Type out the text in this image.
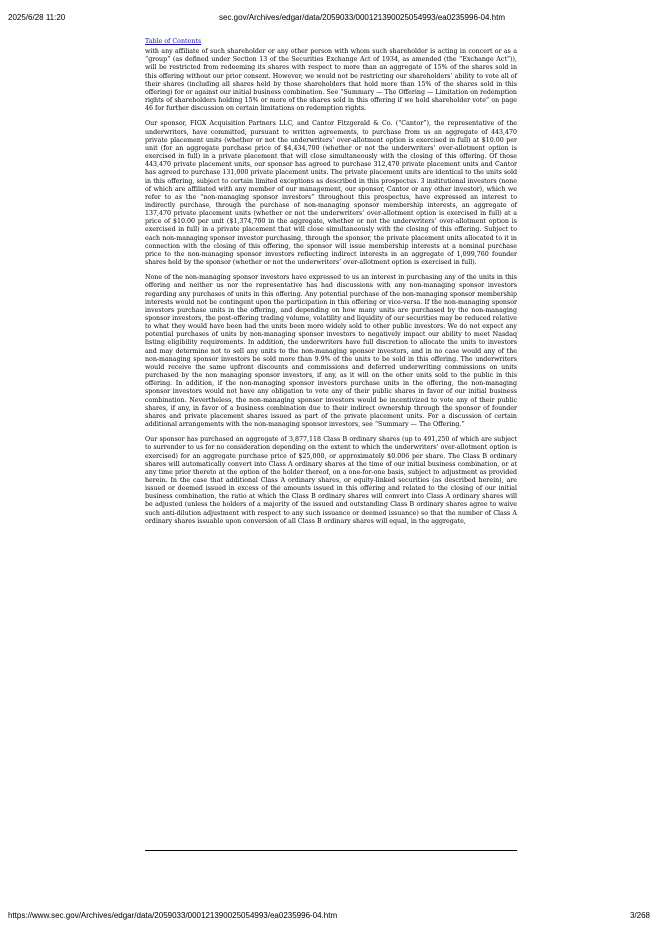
2025/6/28 11:20	sec.gov/Archives/edgar/data/2059033/000121390025054993/ea0235996-04.htm
Table of Contents

with any affiliate of such shareholder or any other person with whom such shareholder is acting in concert or as a “group” (as defined under Section 13 of the Securities Exchange Act of 1934, as amended (the “Exchange Act”)), will be restricted from redeeming its shares with respect to more than an aggregate of 15% of the shares sold in this offering without our prior consent. However, we would not be restricting our shareholders’ ability to vote all of their shares (including all shares held by those shareholders that hold more than 15% of the shares sold in this offering) for or against our initial business combination. See “Summary — The Offering — Limitation on redemption rights of shareholders holding 15% or more of the shares sold in this offering if we hold shareholder vote” on page 46 for further discussion on certain limitations on redemption rights.

Our sponsor, FIGX Acquisition Partners LLC, and Cantor Fitzgerald & Co. (“Cantor”), the representative of the underwriters, have committed, pursuant to written agreements, to purchase from us an aggregate of 443,470 private placement units (whether or not the underwriters’ over-allotment option is exercised in full) at $10.00 per unit (for an aggregate purchase price of $4,434,700 (whether or not the underwriters’ over-allotment option is exercised in full) in a private placement that will close simultaneously with the closing of this offering. Of those 443,470 private placement units, our sponsor has agreed to purchase 312,470 private placement units and Cantor has agreed to purchase 131,000 private placement units. The private placement units are identical to the units sold in this offering, subject to certain limited exceptions as described in this prospectus. 3 institutional investors (none of which are affiliated with any member of our management, our sponsor, Cantor or any other investor), which we refer to as the “non-managing sponsor investors” throughout this prospectus, have expressed an interest to indirectly purchase, through the purchase of non-managing sponsor membership interests, an aggregate of 137,470 private placement units (whether or not the underwriters’ over-allotment option is exercised in full) at a price of $10.00 per unit ($1,374,700 in the aggregate, whether or not the underwriters’ over-allotment option is exercised in full) in a private placement that will close simultaneously with the closing of this offering. Subject to each non-managing sponsor investor purchasing, through the sponsor, the private placement units allocated to it in connection with the closing of this offering, the sponsor will issue membership interests at a nominal purchase price to the non-managing sponsor investors reflecting indirect interests in an aggregate of 1,099,760 founder shares held by the sponsor (whether or not the underwriters’ over-allotment option is exercised in full).

None of the non-managing sponsor investors have expressed to us an interest in purchasing any of the units in this offering and neither us nor the representative has had discussions with any non-managing sponsor investors regarding any purchases of units in this offering. Any potential purchase of the non-managing sponsor membership interests would not be contingent upon the participation in this offering or vice-versa. If the non-managing sponsor investors purchase units in the offering, and depending on how many units are purchased by the non-managing sponsor investors, the post-offering trading volume, volatility and liquidity of our securities may be reduced relative to what they would have been had the units been more widely sold to other public investors. We do not expect any potential purchases of units by non-managing sponsor investors to negatively impact our ability to meet Nasdaq listing eligibility requirements. In addition, the underwriters have full discretion to allocate the units to investors and may determine not to sell any units to the non-managing sponsor investors, and in no case would any of the non-managing sponsor investors be sold more than 9.9% of the units to be sold in this offering. The underwriters would receive the same upfront discounts and commissions and deferred underwriting commissions on units purchased by the non managing sponsor investors, if any, as it will on the other units sold to the public in this offering. In addition, if the non-managing sponsor investors purchase units in the offering, the non-managing sponsor investors would not have any obligation to vote any of their public shares in favor of our initial business combination. Nevertheless, the non-managing sponsor investors would be incentivized to vote any of their public shares, if any, in favor of a business combination due to their indirect ownership through the sponsor of founder shares and private placement shares issued as part of the private placement units. For a discussion of certain additional arrangements with the non-managing sponsor investors, see “Summary — The Offering.”

Our sponsor has purchased an aggregate of 3,877,118 Class B ordinary shares (up to 491,250 of which are subject to surrender to us for no consideration depending on the extent to which the underwriters’ over-allotment option is exercised) for an aggregate purchase price of $25,000, or approximately $0.006 per share. The Class B ordinary shares will automatically convert into Class A ordinary shares at the time of our initial business combination, or at any time prior thereto at the option of the holder thereof, on a one-for-one basis, subject to adjustment as provided herein. In the case that additional Class A ordinary shares, or equity-linked securities (as described herein), are issued or deemed issued in excess of the amounts issued in this offering and related to the closing of our initial business combination, the ratio at which the Class B ordinary shares will convert into Class A ordinary shares will be adjusted (unless the holders of a majority of the issued and outstanding Class B ordinary shares agree to waive such anti-dilution adjustment with respect to any such issuance or deemed issuance) so that the number of Class A ordinary shares issuable upon conversion of all Class B ordinary shares will equal, in the aggregate,

https://www.sec.gov/Archives/edgar/data/2059033/000121390025054993/ea0235996-04.htm	3/268
